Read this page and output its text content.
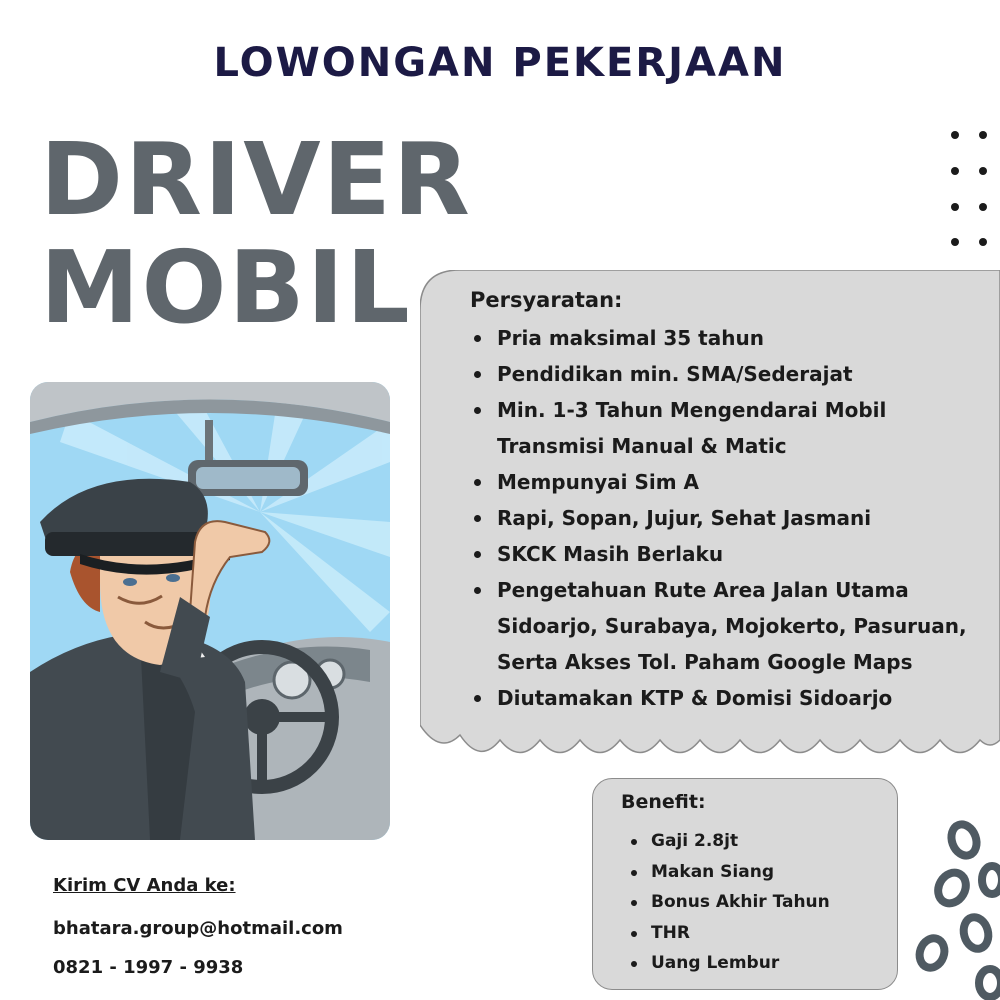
LOWONGAN PEKERJAAN
DRIVER
MOBIL	Persyaratan:
Pria maksimal 35 tahun
Pendidikan min. SMA/Sederajat
Min. 1-3 Tahun Mengendarai Mobil Transmisi Manual & Matic
Mempunyai Sim A
Rapi, Sopan, Jujur, Sehat Jasmani
SKCK Masih Berlaku
Pengetahuan Rute Area Jalan Utama Sidoarjo, Surabaya, Mojokerto, Pasuruan, Serta Akses Tol. Paham Google Maps
Diutamakan KTP & Domisi Sidoarjo
Benefit:
Gaji 2.8jt
Makan Siang
Bonus Akhir Tahun
THR
Uang Lembur
Kirim CV Anda ke:
bhatara.group@hotmail.com
0821 - 1997 - 9938
